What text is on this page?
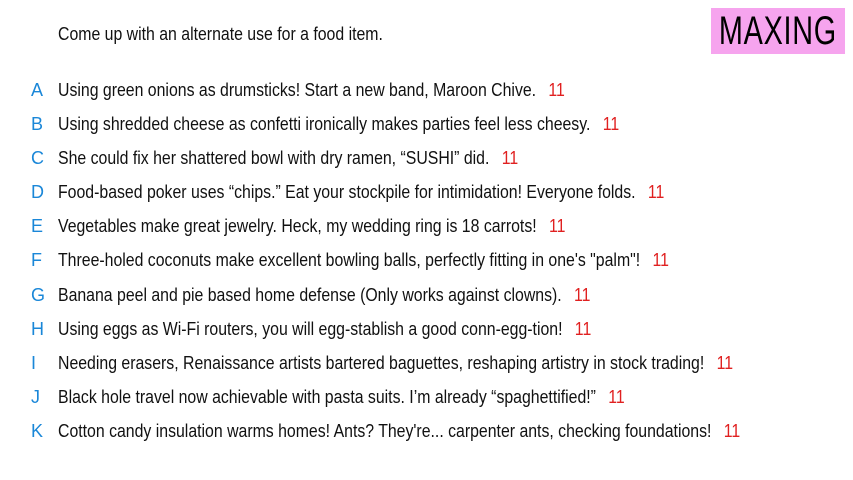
Come up with an alternate use for a food item.	MAXING
A Using green onions as drumsticks! Start a new band, Maroon Chive. 11
B Using shredded cheese as confetti ironically makes parties feel less cheesy. 11
C She could fix her shattered bowl with dry ramen, “SUSHI” did. 11
D Food-based poker uses “chips.” Eat your stockpile for intimidation! Everyone folds. 11
E Vegetables make great jewelry. Heck, my wedding ring is 18 carrots! 11
F Three-holed coconuts make excellent bowling balls, perfectly fitting in one's "palm"! 11
G Banana peel and pie based home defense (Only works against clowns). 11
H Using eggs as Wi-Fi routers, you will egg-stablish a good conn-egg-tion! 11
I Needing erasers, Renaissance artists bartered baguettes, reshaping artistry in stock trading! 11
J Black hole travel now achievable with pasta suits. I’m already “spaghettified!” 11
K Cotton candy insulation warms homes! Ants? They're... carpenter ants, checking foundations! 11
